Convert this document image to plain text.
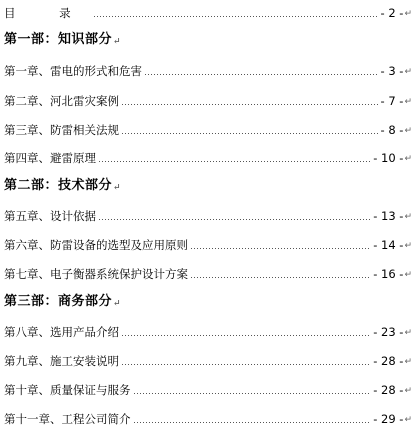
目 录	- 2 - ↵
第一部：知识部分 ↵
第一章、雷电的形式和危害	- 3 - ↵
第二章、河北雷灾案例	- 7 - ↵
第三章、防雷相关法规	- 8 - ↵
第四章、避雷原理	- 10 - ↵
第二部：技术部分 ↵
第五章、设计依据	- 13 - ↵
第六章、防雷设备的选型及应用原则	- 14 - ↵
第七章、电子衡器系统保护设计方案	- 16 - ↵
第三部：商务部分 ↵
第八章、选用产品介绍	- 23 - ↵
第九章、施工安装说明	- 28 - ↵
第十章、质量保证与服务	- 28 - ↵
第十一章、工程公司简介	- 29 - ↵
